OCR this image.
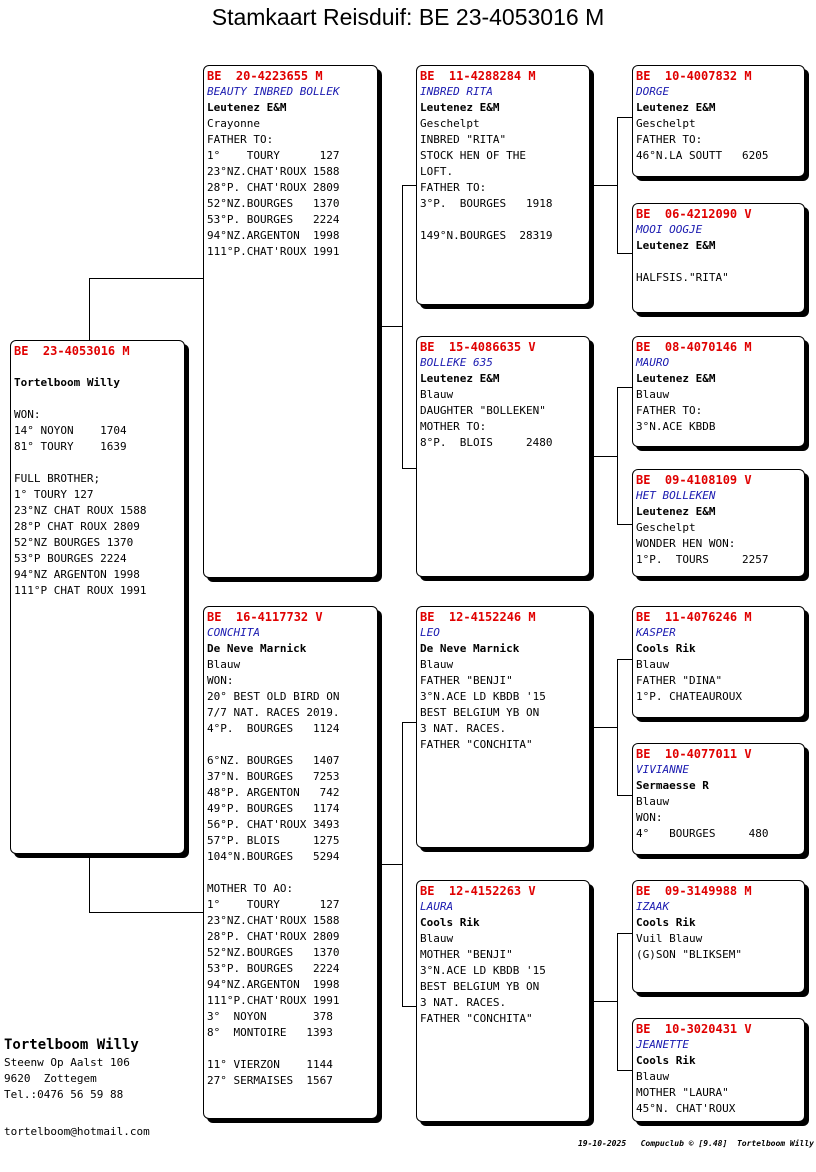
Stamkaart Reisduif: BE 23-4053016 M
BE  23-4053016 M
Tortelboom Willy
WON:
14° NOYON    1704
81° TOURY    1639
FULL BROTHER;
1° TOURY 127
23°NZ CHAT ROUX 1588
28°P CHAT ROUX 2809
52°NZ BOURGES 1370
53°P BOURGES 2224
94°NZ ARGENTON 1998
111°P CHAT ROUX 1991
BE  20-4223655 M
BEAUTY INBRED BOLLEK
Leutenez E&M
Crayonne
FATHER TO:
1°    TOURY      127
23°NZ.CHAT'ROUX 1588
28°P. CHAT'ROUX 2809
52°NZ.BOURGES   1370
53°P. BOURGES   2224
94°NZ.ARGENTON  1998
111°P.CHAT'ROUX 1991
BE  16-4117732 V
CONCHITA
De Neve Marnick
Blauw
WON:
20° BEST OLD BIRD ON
7/7 NAT. RACES 2019.
4°P.  BOURGES   1124
6°NZ. BOURGES   1407
37°N. BOURGES   7253
48°P. ARGENTON   742
49°P. BOURGES   1174
56°P. CHAT'ROUX 3493
57°P. BLOIS     1275
104°N.BOURGES   5294
MOTHER TO AO:
1°    TOURY      127
23°NZ.CHAT'ROUX 1588
28°P. CHAT'ROUX 2809
52°NZ.BOURGES   1370
53°P. BOURGES   2224
94°NZ.ARGENTON  1998
111°P.CHAT'ROUX 1991
3°  NOYON       378
8°  MONTOIRE   1393
11° VIERZON    1144
27° SERMAISES  1567
BE  11-4288284 M
INBRED RITA
Leutenez E&M
Geschelpt
INBRED "RITA"
STOCK HEN OF THE
LOFT.
FATHER TO:
3°P.  BOURGES   1918
149°N.BOURGES  28319
BE  15-4086635 V
BOLLEKE 635
Leutenez E&M
Blauw
DAUGHTER "BOLLEKEN"
MOTHER TO:
8°P.  BLOIS     2480
BE  12-4152246 M
LEO
De Neve Marnick
Blauw
FATHER "BENJI"
3°N.ACE LD KBDB '15
BEST BELGIUM YB ON
3 NAT. RACES.
FATHER "CONCHITA"
BE  12-4152263 V
LAURA
Cools Rik
Blauw
MOTHER "BENJI"
3°N.ACE LD KBDB '15
BEST BELGIUM YB ON
3 NAT. RACES.
FATHER "CONCHITA"
BE  10-4007832 M
DORGE
Leutenez E&M
Geschelpt
FATHER TO:
46°N.LA SOUTT   6205
BE  06-4212090 V
MOOI OOGJE
Leutenez E&M
HALFSIS."RITA"
BE  08-4070146 M
MAURO
Leutenez E&M
Blauw
FATHER TO:
3°N.ACE KBDB
BE  09-4108109 V
HET BOLLEKEN
Leutenez E&M
Geschelpt
WONDER HEN WON:
1°P.  TOURS     2257
BE  11-4076246 M
KASPER
Cools Rik
Blauw
FATHER "DINA"
1°P. CHATEAUROUX
BE  10-4077011 V
VIVIANNE
Sermaesse R
Blauw
WON:
4°   BOURGES     480
BE  09-3149988 M
IZAAK
Cools Rik
Vuil Blauw
(G)SON "BLIKSEM"
BE  10-3020431 V
JEANETTE
Cools Rik
Blauw
MOTHER "LAURA"
45°N. CHAT'ROUX
Tortelboom Willy
Steenw Op Aalst 106
9620  Zottegem
Tel.:0476 56 59 88
tortelboom@hotmail.com
19-10-2025 Compuclub © [9.48] Tortelboom Willy
